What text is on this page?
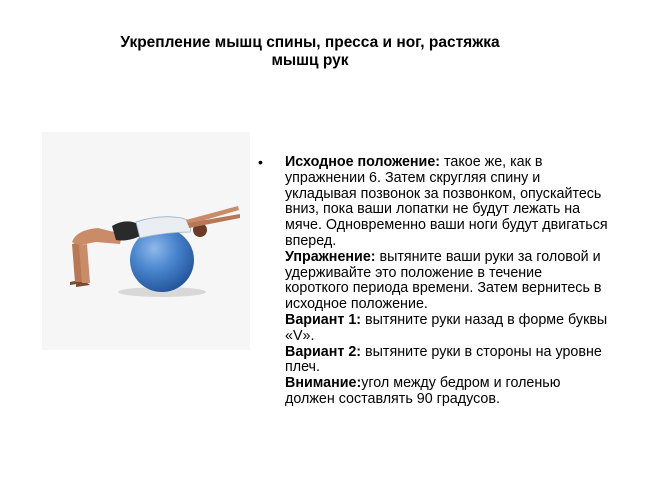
Укрепление мышц спины, пресса и ног, растяжка
мышц рук
• Исходное положение: такое же, как в упражнении 6. Затем скругляя спину и укладывая позвонок за позвонком, опускайтесь вниз, пока ваши лопатки не будут лежать на мяче. Одновременно ваши ноги будут двигаться вперед.
Упражнение: вытяните ваши руки за головой и удерживайте это положение в течение короткого периода времени. Затем вернитесь в исходное положение.
Вариант 1: вытяните руки назад в форме буквы «V».
Вариант 2: вытяните руки в стороны на уровне плеч.
Внимание:угол между бедром и голенью должен составлять 90 градусов.
